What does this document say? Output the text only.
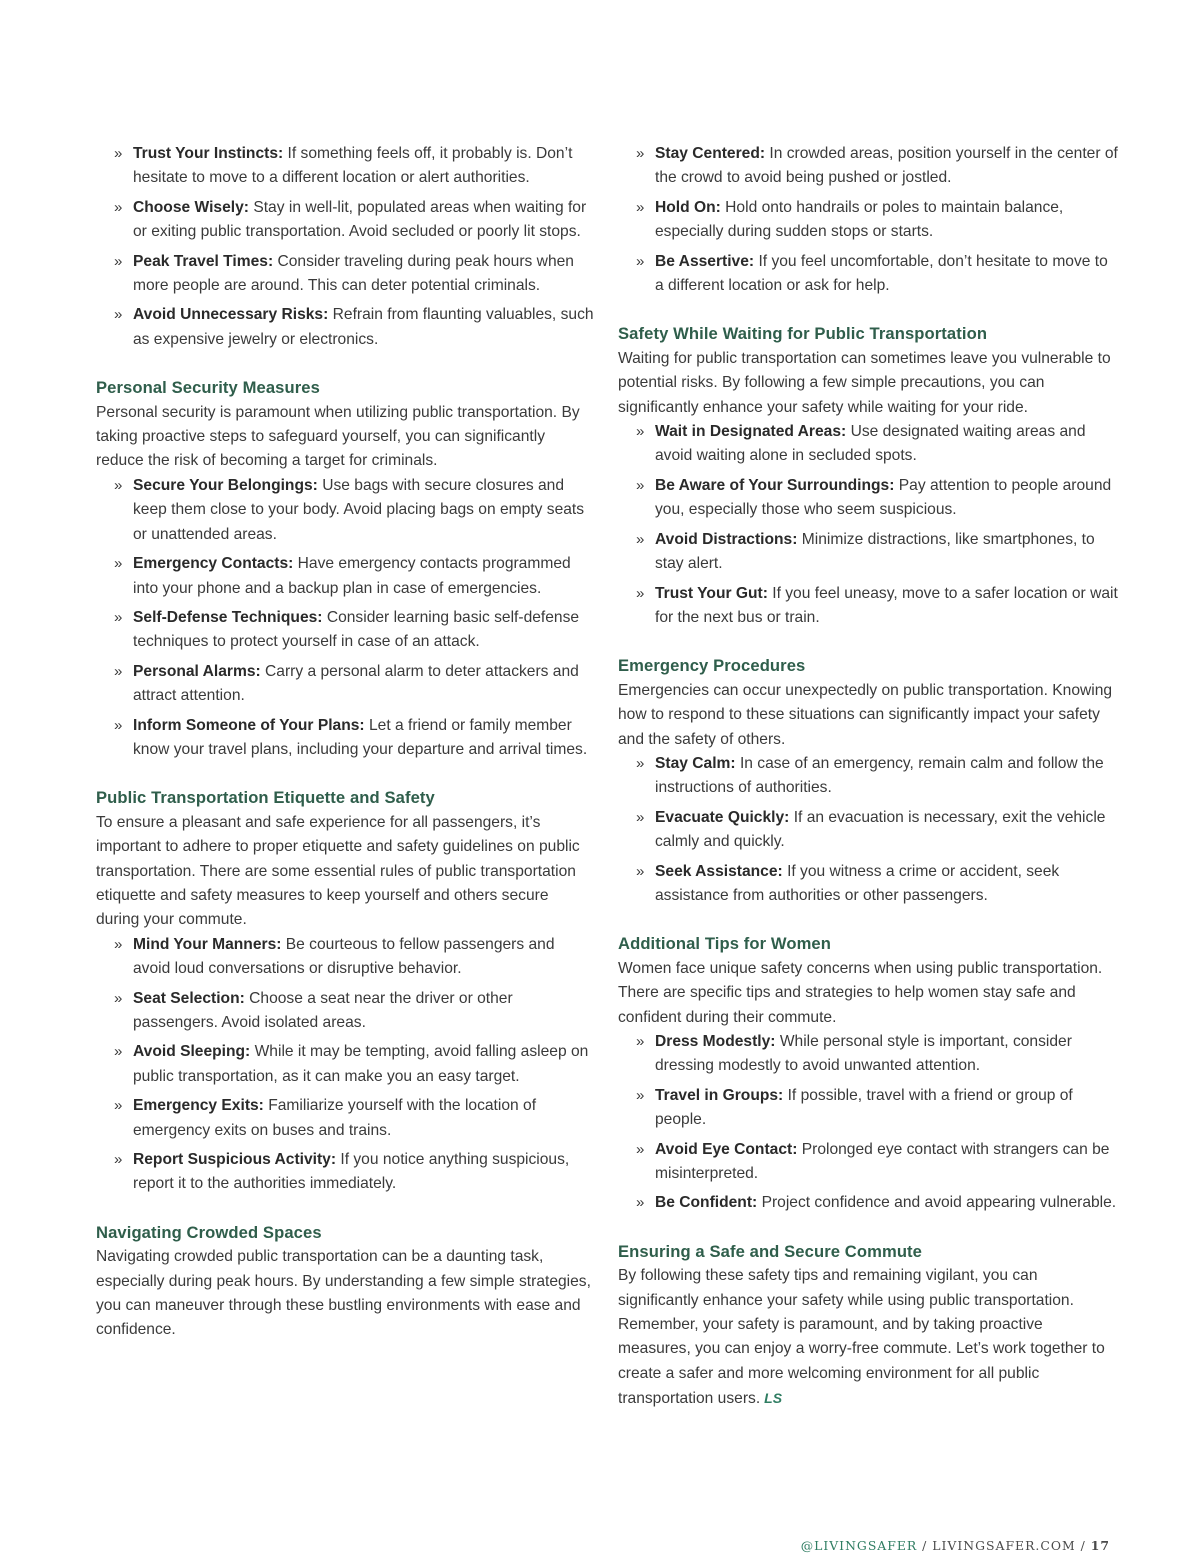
» Trust Your Instincts: If something feels off, it probably is. Don’t hesitate to move to a different location or alert authorities.
» Choose Wisely: Stay in well-lit, populated areas when waiting for or exiting public transportation. Avoid secluded or poorly lit stops.
» Peak Travel Times: Consider traveling during peak hours when more people are around. This can deter potential criminals.
» Avoid Unnecessary Risks: Refrain from flaunting valuables, such as expensive jewelry or electronics.
Personal Security Measures

Personal security is paramount when utilizing public transportation. By taking proactive steps to safeguard yourself, you can significantly reduce the risk of becoming a target for criminals.

» Secure Your Belongings: Use bags with secure closures and keep them close to your body. Avoid placing bags on empty seats or unattended areas.
» Emergency Contacts: Have emergency contacts programmed into your phone and a backup plan in case of emergencies.
» Self-Defense Techniques: Consider learning basic self-defense techniques to protect yourself in case of an attack.
» Personal Alarms: Carry a personal alarm to deter attackers and attract attention.
» Inform Someone of Your Plans: Let a friend or family member know your travel plans, including your departure and arrival times.
Public Transportation Etiquette and Safety

To ensure a pleasant and safe experience for all passengers, it’s important to adhere to proper etiquette and safety guidelines on public transportation. There are some essential rules of public transportation etiquette and safety measures to keep yourself and others secure during your commute.

» Mind Your Manners: Be courteous to fellow passengers and avoid loud conversations or disruptive behavior.
» Seat Selection: Choose a seat near the driver or other passengers. Avoid isolated areas.
» Avoid Sleeping: While it may be tempting, avoid falling asleep on public transportation, as it can make you an easy target.
» Emergency Exits: Familiarize yourself with the location of emergency exits on buses and trains.
» Report Suspicious Activity: If you notice anything suspicious, report it to the authorities immediately.
Navigating Crowded Spaces

Navigating crowded public transportation can be a daunting task, especially during peak hours. By understanding a few simple strategies, you can maneuver through these bustling environments with ease and confidence.

» Stay Centered: In crowded areas, position yourself in the center of the crowd to avoid being pushed or jostled.
» Hold On: Hold onto handrails or poles to maintain balance, especially during sudden stops or starts.
» Be Assertive: If you feel uncomfortable, don’t hesitate to move to a different location or ask for help.
Safety While Waiting for Public Transportation

Waiting for public transportation can sometimes leave you vulnerable to potential risks. By following a few simple precautions, you can significantly enhance your safety while waiting for your ride.

» Wait in Designated Areas: Use designated waiting areas and avoid waiting alone in secluded spots.
» Be Aware of Your Surroundings: Pay attention to people around you, especially those who seem suspicious.
» Avoid Distractions: Minimize distractions, like smartphones, to stay alert.
» Trust Your Gut: If you feel uneasy, move to a safer location or wait for the next bus or train.
Emergency Procedures

Emergencies can occur unexpectedly on public transportation. Knowing how to respond to these situations can significantly impact your safety and the safety of others.

» Stay Calm: In case of an emergency, remain calm and follow the instructions of authorities.
» Evacuate Quickly: If an evacuation is necessary, exit the vehicle calmly and quickly.
» Seek Assistance: If you witness a crime or accident, seek assistance from authorities or other passengers.
Additional Tips for Women

Women face unique safety concerns when using public transportation. There are specific tips and strategies to help women stay safe and confident during their commute.

» Dress Modestly: While personal style is important, consider dressing modestly to avoid unwanted attention.
» Travel in Groups: If possible, travel with a friend or group of people.
» Avoid Eye Contact: Prolonged eye contact with strangers can be misinterpreted.
» Be Confident: Project confidence and avoid appearing vulnerable.
Ensuring a Safe and Secure Commute

By following these safety tips and remaining vigilant, you can significantly enhance your safety while using public transportation. Remember, your safety is paramount, and by taking proactive measures, you can enjoy a worry-free commute. Let’s work together to create a safer and more welcoming environment for all public transportation users. LS

@LIVINGSAFER / LIVINGSAFER.COM / 17
